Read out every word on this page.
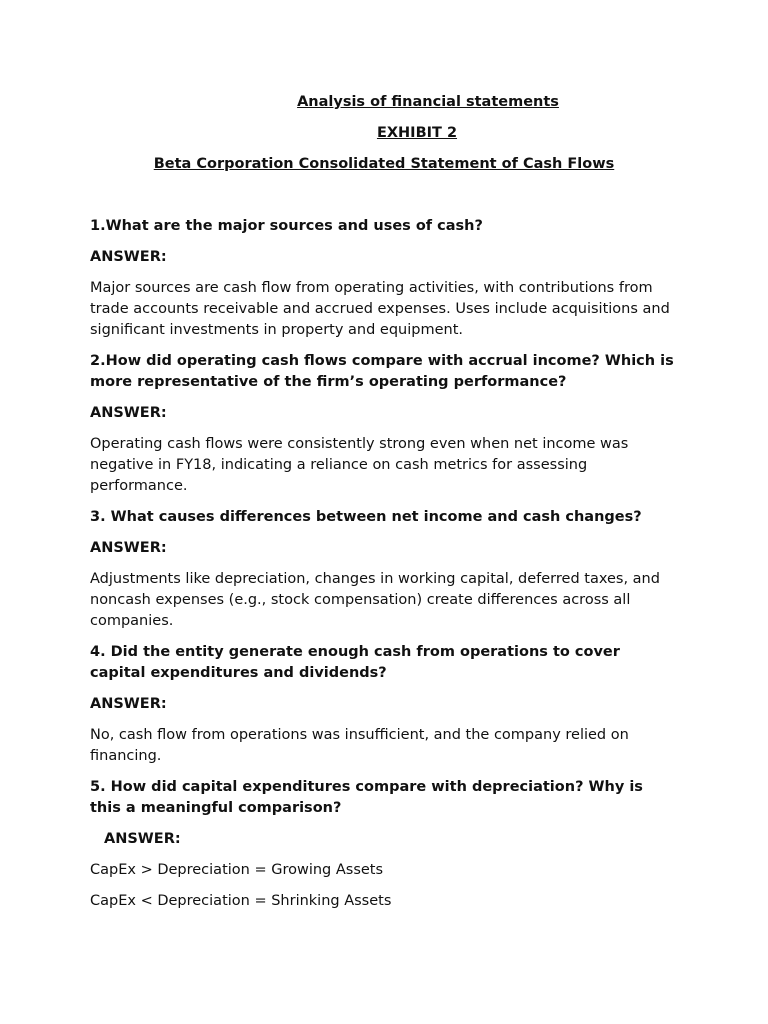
Analysis of financial statements

EXHIBIT 2

Beta Corporation Consolidated Statement of Cash Flows

1.What are the major sources and uses of cash?

ANSWER:

Major sources are cash flow from operating activities, with contributions from trade accounts receivable and accrued expenses. Uses include acquisitions and significant investments in property and equipment.

2.How did operating cash flows compare with accrual income? Which is more representative of the firm’s operating performance?

ANSWER:

Operating cash flows were consistently strong even when net income was negative in FY18, indicating a reliance on cash metrics for assessing performance.

3. What causes differences between net income and cash changes?

ANSWER:

Adjustments like depreciation, changes in working capital, deferred taxes, and noncash expenses (e.g., stock compensation) create differences across all companies.

4. Did the entity generate enough cash from operations to cover capital expenditures and dividends?

ANSWER:

No, cash flow from operations was insufficient, and the company relied on financing.

5. How did capital expenditures compare with depreciation? Why is this a meaningful comparison?

ANSWER:

CapEx > Depreciation = Growing Assets

CapEx < Depreciation = Shrinking Assets
